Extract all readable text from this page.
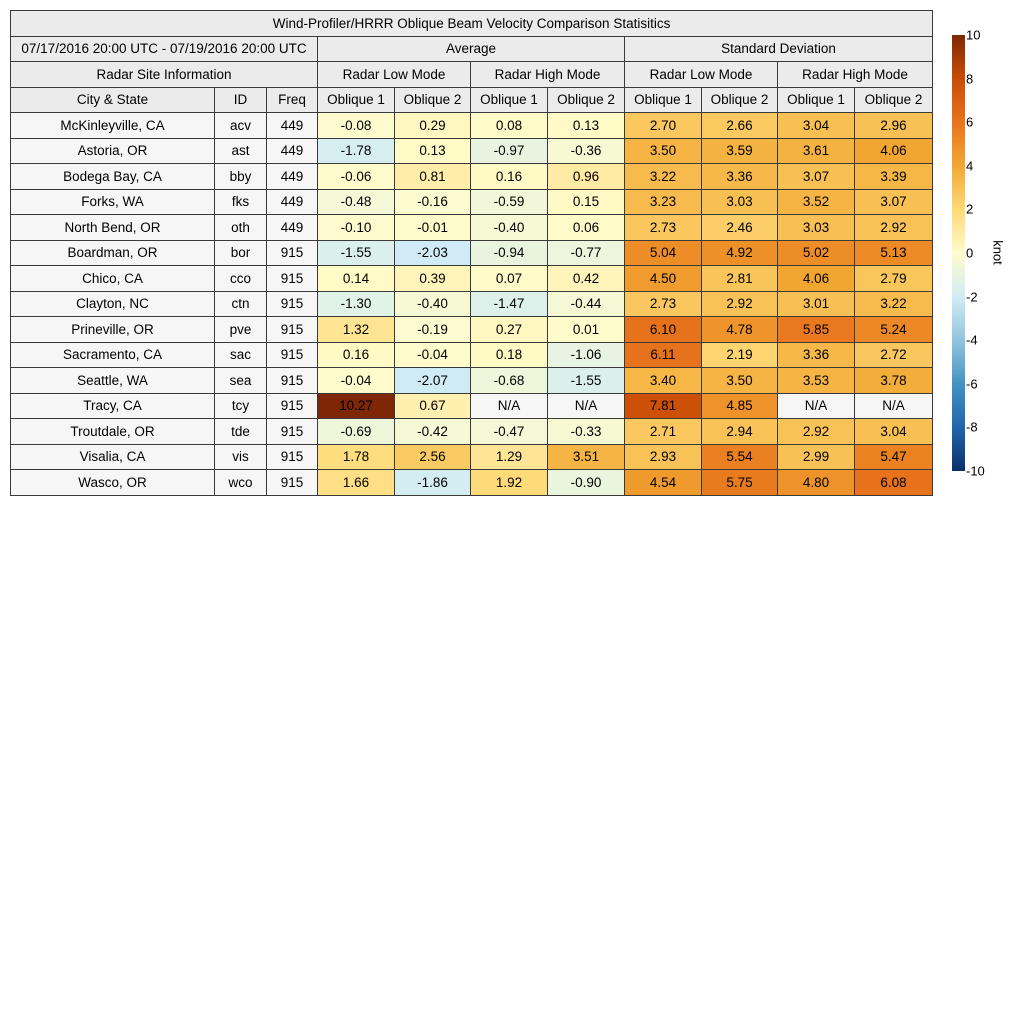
Wind-Profiler/HRRR Oblique Beam Velocity Comparison Statisitics										
07/17/2016 20:00 UTC - 07/19/2016 20:00 UTC			Average				Standard Deviation			
Radar Site Information			Radar Low Mode		Radar High Mode		Radar Low Mode		Radar High Mode	
City & State	ID	Freq	Oblique 1	Oblique 2	Oblique 1	Oblique 2	Oblique 1	Oblique 2	Oblique 1	Oblique 2
McKinleyville, CA	acv	449	-0.08	0.29	0.08	0.13	2.70	2.66	3.04	2.96
Astoria, OR	ast	449	-1.78	0.13	-0.97	-0.36	3.50	3.59	3.61	4.06
Bodega Bay, CA	bby	449	-0.06	0.81	0.16	0.96	3.22	3.36	3.07	3.39
Forks, WA	fks	449	-0.48	-0.16	-0.59	0.15	3.23	3.03	3.52	3.07
North Bend, OR	oth	449	-0.10	-0.01	-0.40	0.06	2.73	2.46	3.03	2.92
Boardman, OR	bor	915	-1.55	-2.03	-0.94	-0.77	5.04	4.92	5.02	5.13
Chico, CA	cco	915	0.14	0.39	0.07	0.42	4.50	2.81	4.06	2.79
Clayton, NC	ctn	915	-1.30	-0.40	-1.47	-0.44	2.73	2.92	3.01	3.22
Prineville, OR	pve	915	1.32	-0.19	0.27	0.01	6.10	4.78	5.85	5.24
Sacramento, CA	sac	915	0.16	-0.04	0.18	-1.06	6.11	2.19	3.36	2.72
Seattle, WA	sea	915	-0.04	-2.07	-0.68	-1.55	3.40	3.50	3.53	3.78
Tracy, CA	tcy	915	10.27	0.67	N/A	N/A	7.81	4.85	N/A	N/A
Troutdale, OR	tde	915	-0.69	-0.42	-0.47	-0.33	2.71	2.94	2.92	3.04
Visalia, CA	vis	915	1.78	2.56	1.29	3.51	2.93	5.54	2.99	5.47
Wasco, OR	wco	915	1.66	-1.86	1.92	-0.90	4.54	5.75	4.80	6.08
10
8
6
4
2
0
-2
-4
-6
-8
-10
knot
